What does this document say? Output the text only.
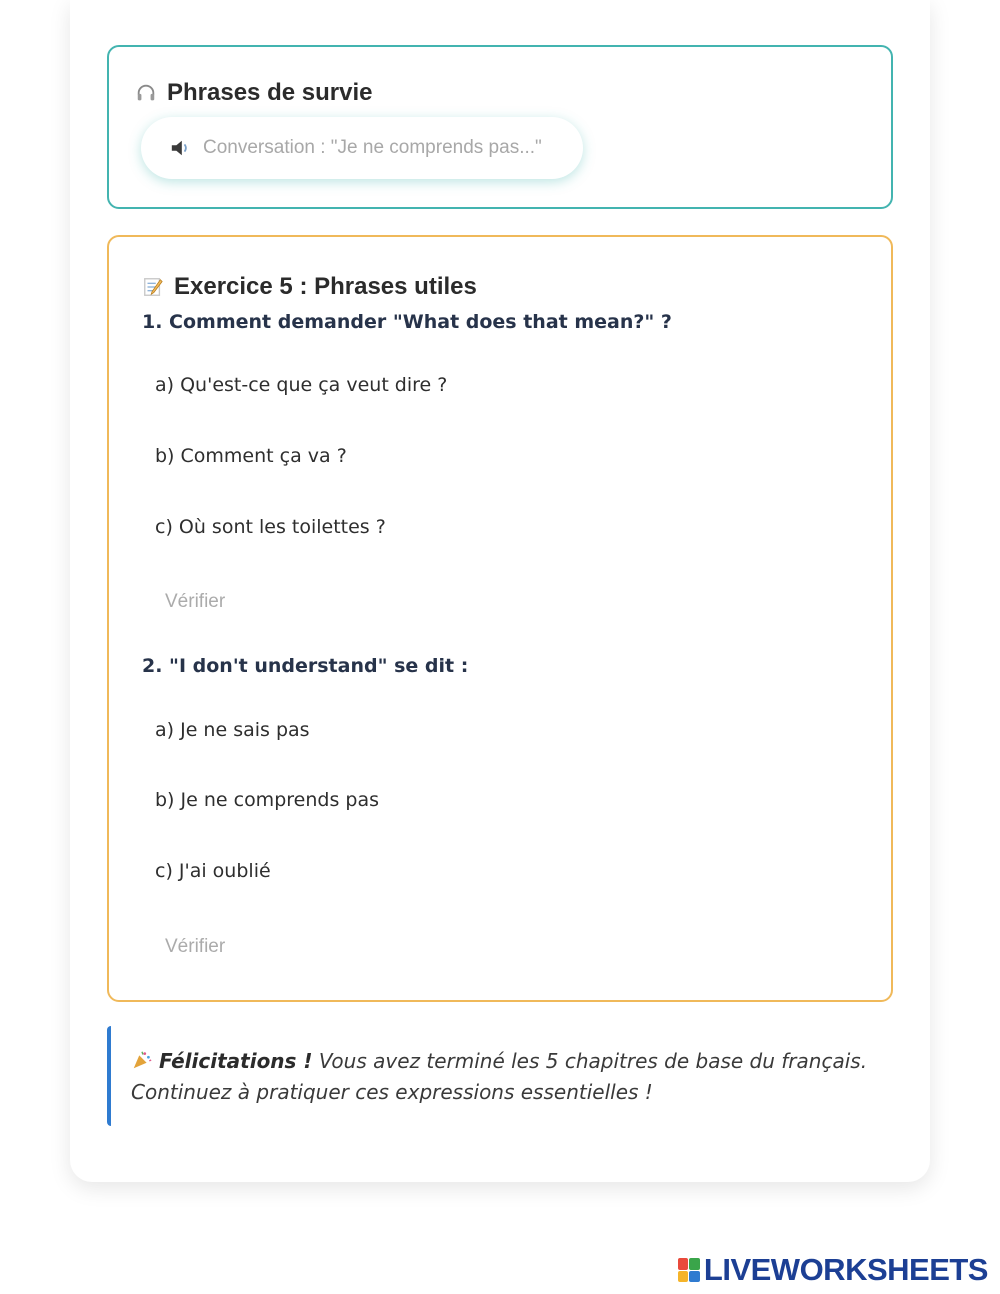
Phrases de survie
Conversation : "Je ne comprends pas..."
Exercice 5 : Phrases utiles
1. Comment demander "What does that mean?" ?
a) Qu'est-ce que ça veut dire ?
b) Comment ça va ?
c) Où sont les toilettes ?
Vérifier
2. "I don't understand" se dit :
a) Je ne sais pas
b) Je ne comprends pas
c) J'ai oublié
Vérifier
Félicitations ! Vous avez terminé les 5 chapitres de base du français. Continuez à pratiquer ces expressions essentielles !
LIVEWORKSHEETS
